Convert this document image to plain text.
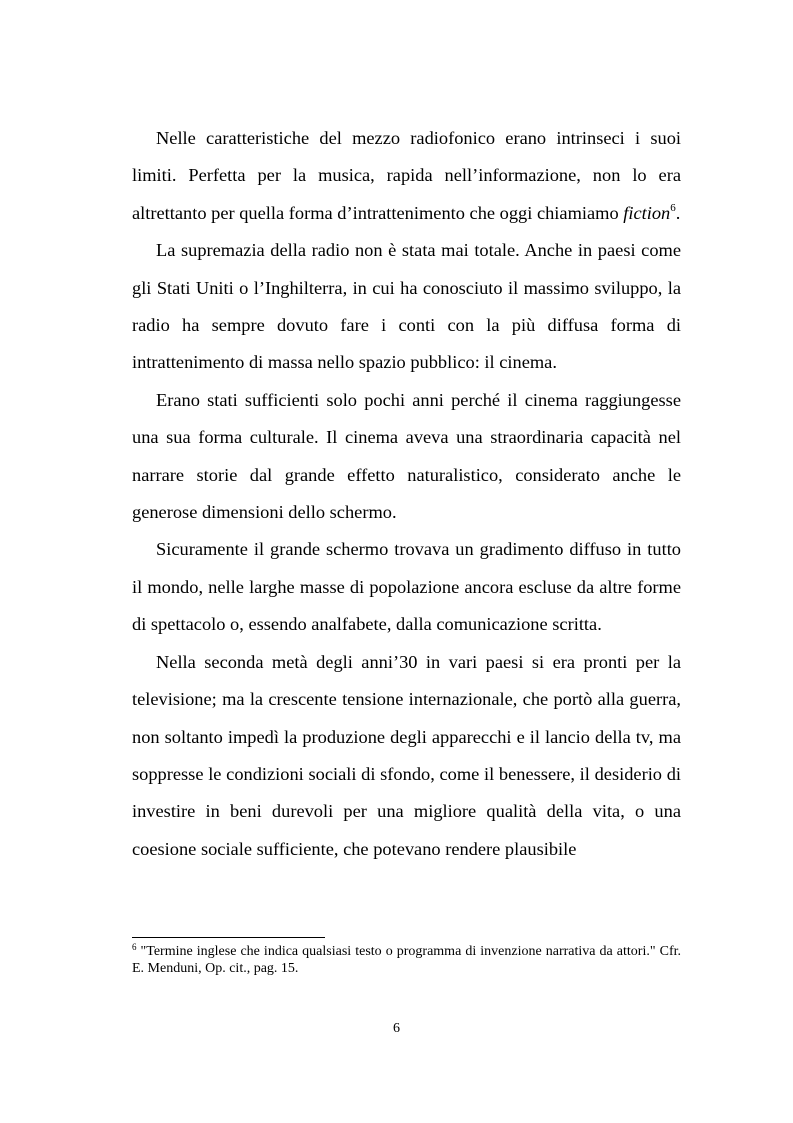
Nelle caratteristiche del mezzo radiofonico erano intrinseci i suoi limiti. Perfetta per la musica, rapida nell’informazione, non lo era altrettanto per quella forma d’intrattenimento che oggi chiamiamo fiction$^6$.

La supremazia della radio non è stata mai totale. Anche in paesi come gli Stati Uniti o l’Inghilterra, in cui ha conosciuto il massimo sviluppo, la radio ha sempre dovuto fare i conti con la più diffusa forma di intrattenimento di massa nello spazio pubblico: il cinema.

Erano stati sufficienti solo pochi anni perché il cinema raggiungesse una sua forma culturale. Il cinema aveva una straordinaria capacità nel narrare storie dal grande effetto naturalistico, considerato anche le generose dimensioni dello schermo.

Sicuramente il grande schermo trovava un gradimento diffuso in tutto il mondo, nelle larghe masse di popolazione ancora escluse da altre forme di spettacolo o, essendo analfabete, dalla comunicazione scritta.

Nella seconda metà degli anni’30 in vari paesi si era pronti per la televisione; ma la crescente tensione internazionale, che portò alla guerra, non soltanto impedì la produzione degli apparecchi e il lancio della tv, ma soppresse le condizioni sociali di sfondo, come il benessere, il desiderio di investire in beni durevoli per una migliore qualità della vita, o una coesione sociale sufficiente, che potevano rendere plausibile

$^6$ "Termine inglese che indica qualsiasi testo o programma di invenzione narrativa da attori." Cfr. E. Menduni, Op. cit., pag. 15.
6
